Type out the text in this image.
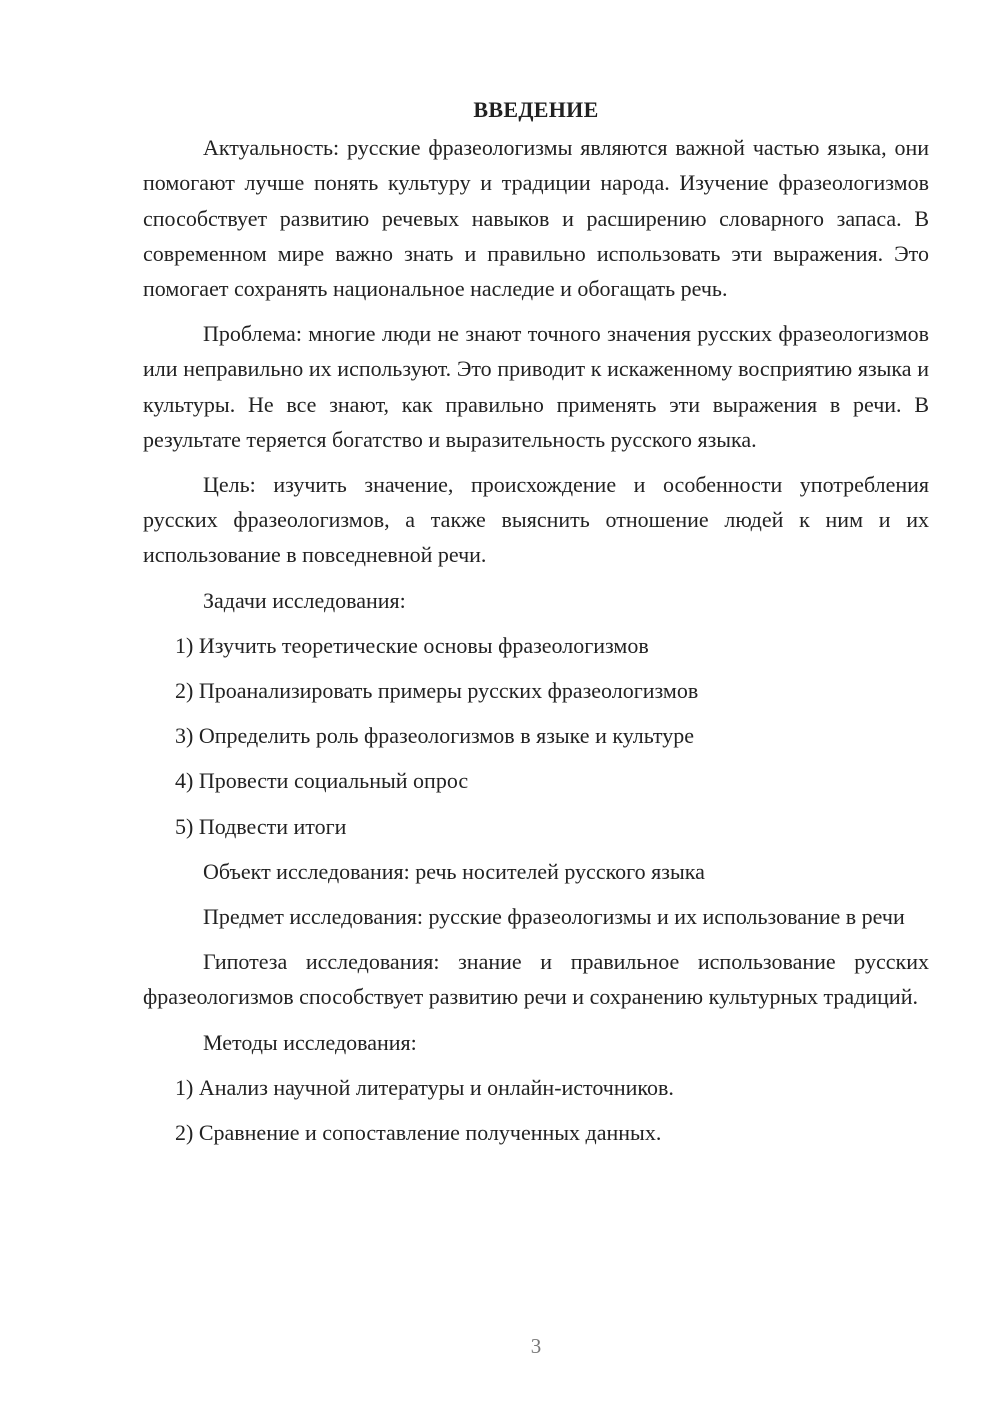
ВВЕДЕНИЕ

Актуальность: русские фразеологизмы являются важной частью языка, они помогают лучше понять культуру и традиции народа. Изучение фразеологизмов способствует развитию речевых навыков и расширению словарного запаса. В современном мире важно знать и правильно использовать эти выражения. Это помогает сохранять национальное наследие и обогащать речь.

Проблема: многие люди не знают точного значения русских фразеологизмов или неправильно их используют. Это приводит к искаженному восприятию языка и культуры. Не все знают, как правильно применять эти выражения в речи. В результате теряется богатство и выразительность русского языка.

Цель: изучить значение, происхождение и особенности употребления русских фразеологизмов, а также выяснить отношение людей к ним и их использование в повседневной речи.

Задачи исследования:
1) Изучить теоретические основы фразеологизмов
2) Проанализировать примеры русских фразеологизмов
3) Определить роль фразеологизмов в языке и культуре
4) Провести социальный опрос
5) Подвести итоги
Объект исследования: речь носителей русского языка

Предмет исследования: русские фразеологизмы и их использование в речи

Гипотеза исследования: знание и правильное использование русских фразеологизмов способствует развитию речи и сохранению культурных традиций.

Методы исследования:
1) Анализ научной литературы и онлайн-источников.
2) Сравнение и сопоставление полученных данных.
3
